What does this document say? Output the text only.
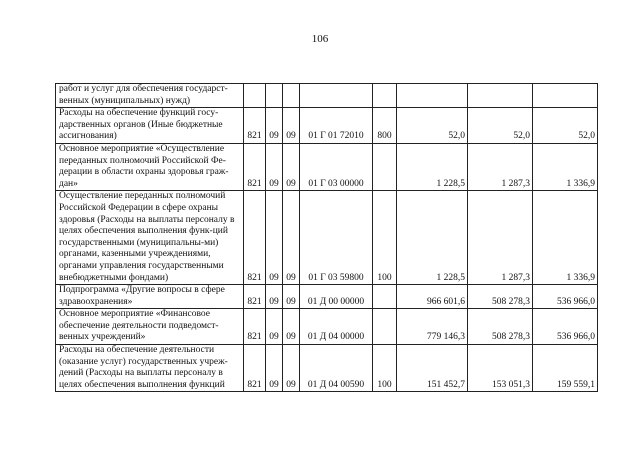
106
работ и услуг для обеспечения государст-венных (муниципальных) нужд)								
Расходы на обеспечение функций госу-дарственных органов (Иные бюджетные ассигнования)	821	09	09	01 Г 01 72010	800	52,0	52,0	52,0
Основное мероприятие «Осуществление переданных полномочий Российской Фе-дерации в области охраны здоровья граж-дан»	821	09	09	01 Г 03 00000		1 228,5	1 287,3	1 336,9
Осуществление переданных полномочий Российской Федерации в сфере охраны здоровья (Расходы на выплаты персоналу в целях обеспечения выполнения функ-ций государственными (муниципальны-ми) органами, казенными учреждениями, органами управления государственными внебюджетными фондами)	821	09	09	01 Г 03 59800	100	1 228,5	1 287,3	1 336,9
Подпрограмма «Другие вопросы в сфере здравоохранения»	821	09	09	01 Д 00 00000		966 601,6	508 278,3	536 966,0
Основное мероприятие «Финансовое обеспечение деятельности подведомст-венных учреждений»	821	09	09	01 Д 04 00000		779 146,3	508 278,3	536 966,0
Расходы на обеспечение деятельности (оказание услуг) государственных учреж-дений (Расходы на выплаты персоналу в целях обеспечения выполнения функций	821	09	09	01 Д 04 00590	100	151 452,7	153 051,3	159 559,1
